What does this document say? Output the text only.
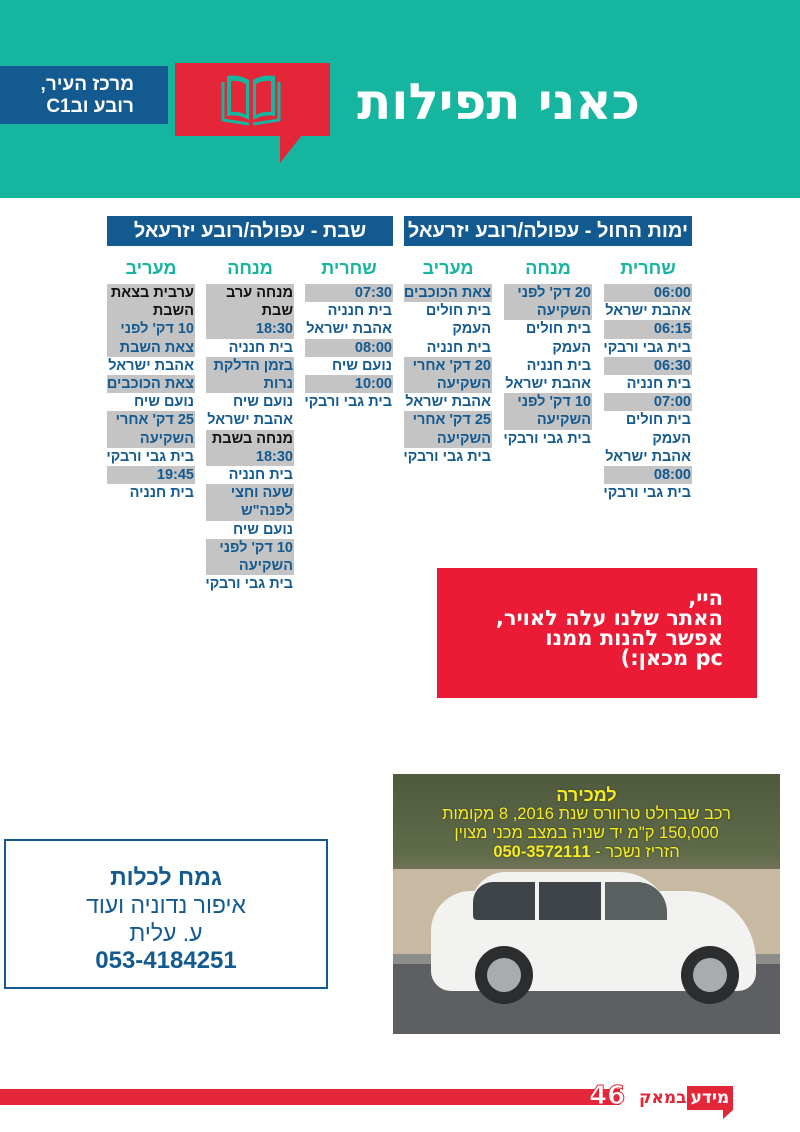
מרכז העיר,
רובע ובC1	כאני תפילות
ימות החול - עפולה/רובע יזרעאל
שחרית
06:00
אהבת ישראל
06:15
בית גבי ורבקי
06:30
בית חנניה
07:00
בית חולים
העמק
אהבת ישראל
08:00
בית גבי ורבקי
מנחה
20 דק' לפני
השקיעה
בית חולים
העמק
בית חנניה
אהבת ישראל
10 דק' לפני
השקיעה
בית גבי ורבקי
מעריב
צאת הכוכבים
בית חולים
העמק
בית חנניה
20 דק' אחרי
השקיעה
אהבת ישראל
25 דק' אחרי
השקיעה
בית גבי ורבקי
שבת - עפולה/רובע יזרעאל
שחרית
07:30
בית חנניה
אהבת ישראל
08:00
נועם שיח
10:00
בית גבי ורבקי
מנחה
מנחה ערב
שבת
18:30
בית חנניה
בזמן הדלקת
נרות
נועם שיח
אהבת ישראל
מנחה בשבת
18:30
בית חנניה
שעה וחצי
לפנה"ש
נועם שיח
10 דק' לפני
השקיעה
בית גבי ורבקי
מעריב
ערבית בצאת
השבת
10 דק' לפני
צאת השבת
אהבת ישראל
צאת הכוכבים
נועם שיח
25 דק' אחרי
השקיעה
בית גבי ורבקי
19:45
בית חנניה
היי,
האתר שלנו עלה לאויר,
אפשר להנות ממנו
pc מכאן:)
למכירה
רכב שברולט טרוורס שנת 2016, 8 מקומות
150,000 ק"מ יד שניה במצב מכני מצוין
הזריז נשכר - 050-3572111
גמח לכלות
איפור נדוניה ועוד
ע. עלית
053-4184251
46	מידע
במאק
